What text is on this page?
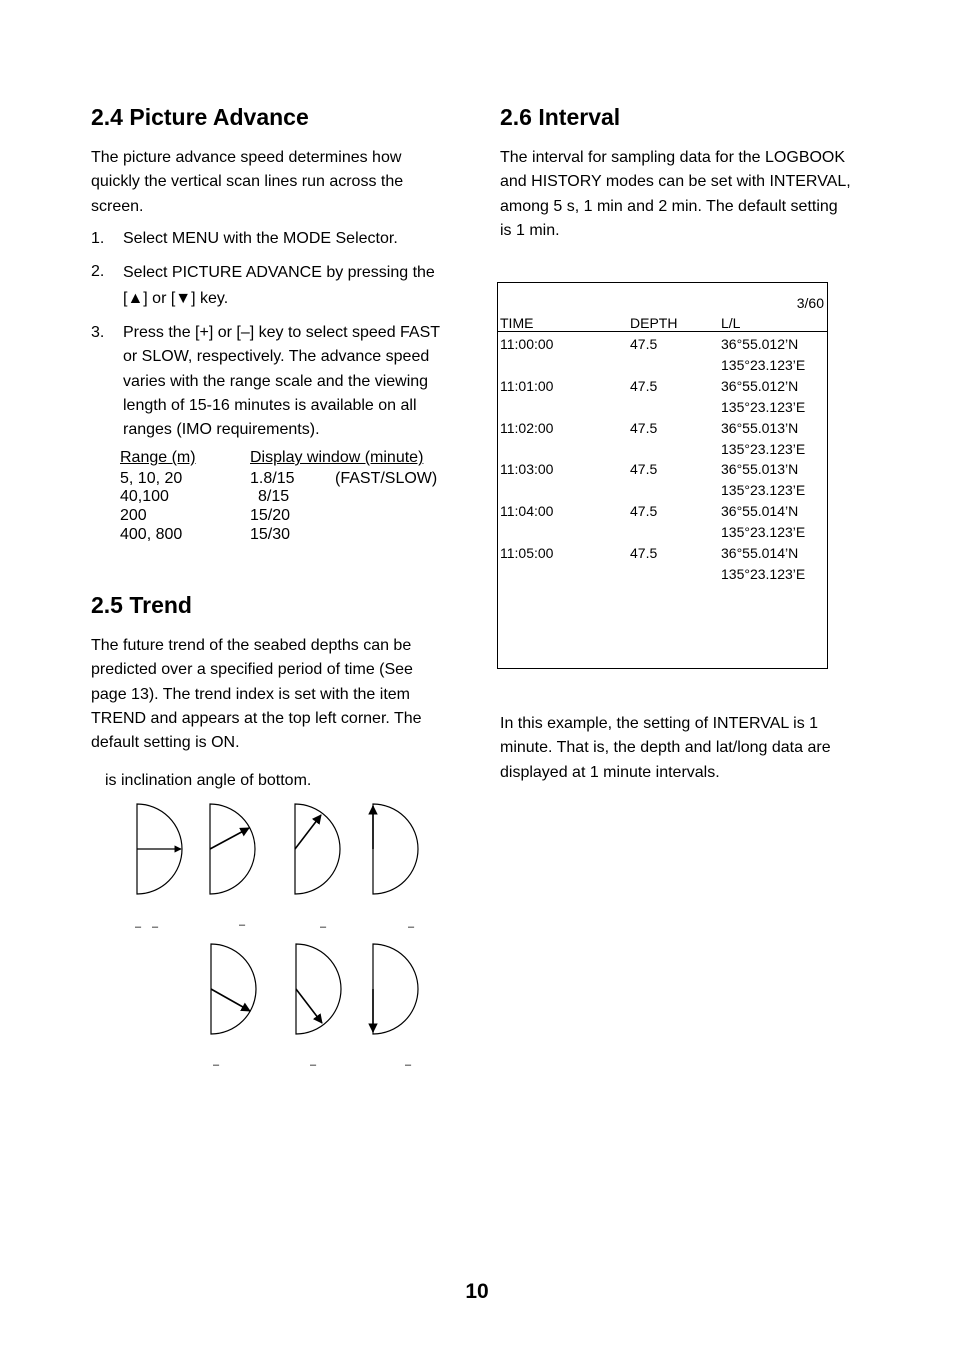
2.4 Picture Advance

The picture advance speed determines how quickly the vertical scan lines run across the screen.

1. Select MENU with the MODE Selector.
2. Select PICTURE ADVANCE by pressing the [▲] or [▼] key.
3. Press the [+] or [–] key to select speed FAST or SLOW, respectively. The advance speed varies with the range scale and the viewing length of 15-16 minutes is available on all ranges (IMO requirements).
Range (m)	Display window (minute)
5, 10, 20	1.8/15	(FAST/SLOW)
40,100	8/15
200	15/20
400, 800	15/30
2.5 Trend

The future trend of the seabed depths can be predicted over a specified period of time (See page 13). The trend index is set with the item TREND and appears at the top left corner. The default setting is ON.

is inclination angle of bottom.
– –	–	–	–
–	–	–
2.6 Interval

The interval for sampling data for the LOGBOOK and HISTORY modes can be set with INTERVAL, among 5 s, 1 min and 2 min. The default setting is 1 min.

3/60
TIME	DEPTH	L/L
11:00:00	47.5	36°55.012’N
135°23.123’E
11:01:00	47.5	36°55.012’N
135°23.123’E
11:02:00	47.5	36°55.013’N
135°23.123’E
11:03:00	47.5	36°55.013’N
135°23.123’E
11:04:00	47.5	36°55.014’N
135°23.123’E
11:05:00	47.5	36°55.014’N
135°23.123’E

In this example, the setting of INTERVAL is 1 minute. That is, the depth and lat/long data are displayed at 1 minute intervals.

10
